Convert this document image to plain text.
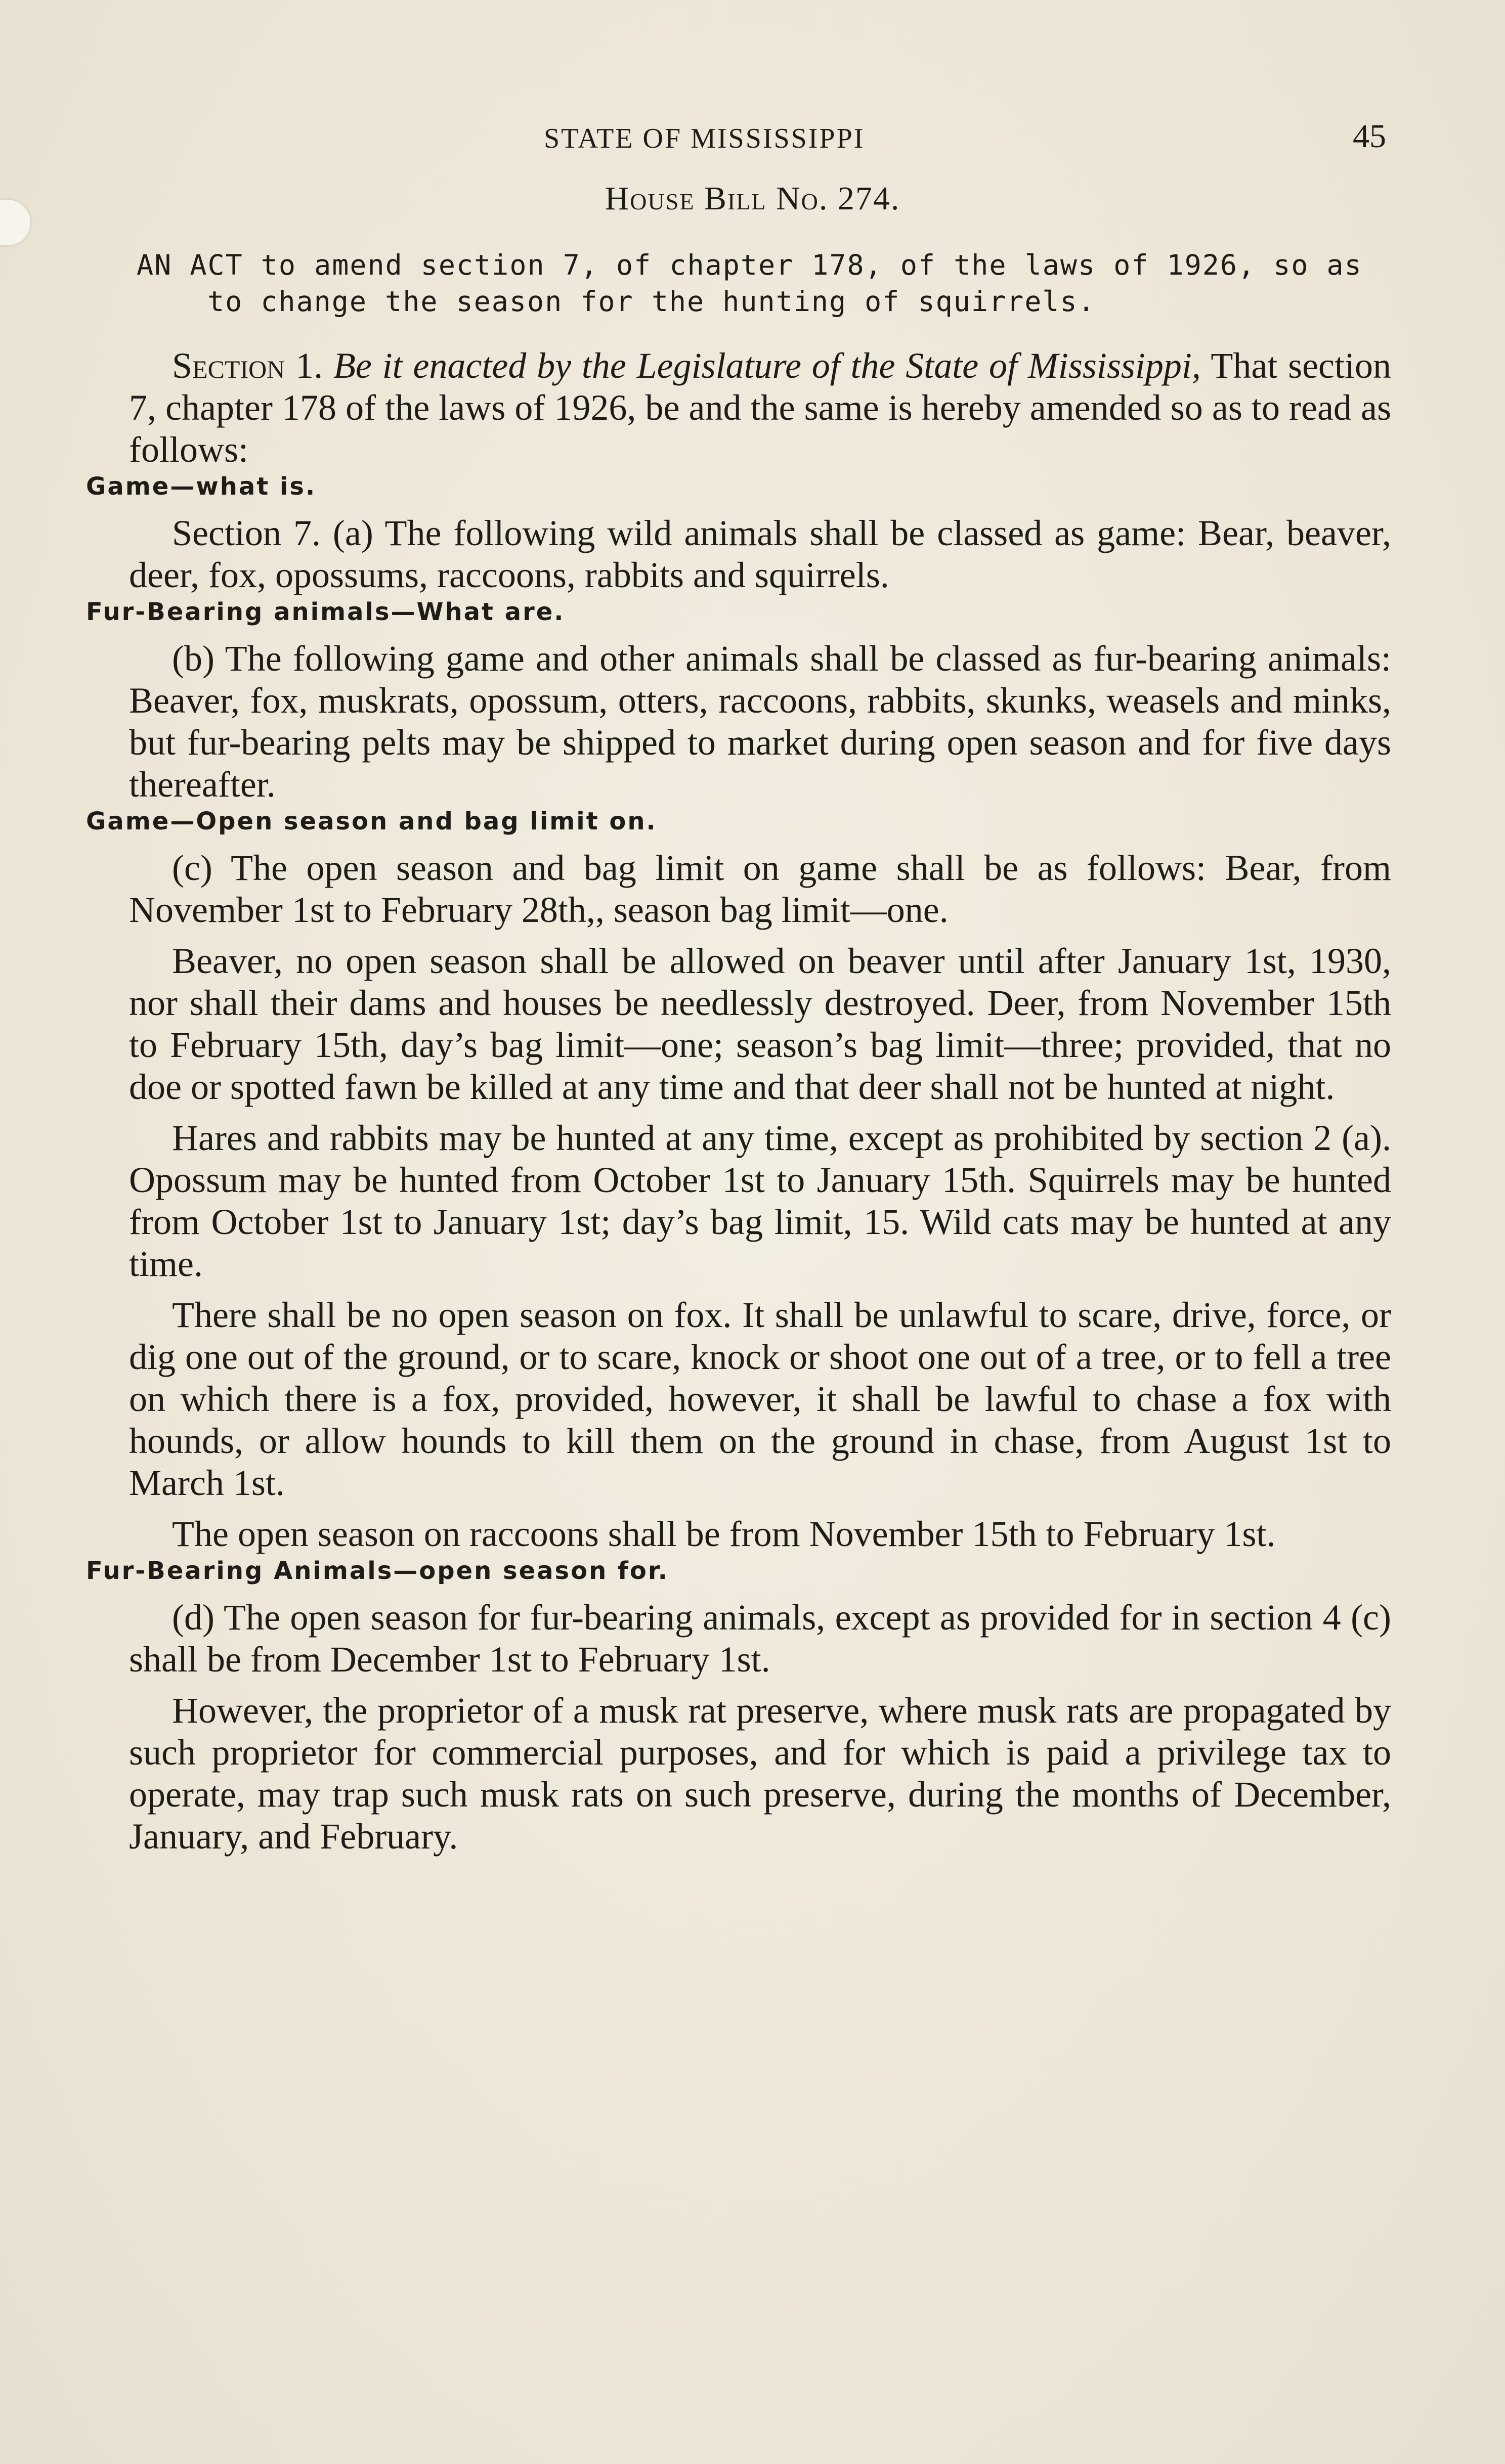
STATE OF MISSISSIPPI	45
House Bill No. 274.
AN ACT to amend section 7, of chapter 178, of the laws of 1926, so as
to change the season for the hunting of squirrels.

Section 1. Be it enacted by the Legislature of the State of Mississippi, That section 7, chapter 178 of the laws of 1926, be and the same is hereby amended so as to read as follows:

Game—what is.

Section 7. (a) The following wild animals shall be classed as game: Bear, beaver, deer, fox, opossums, raccoons, rabbits and squirrels.

Fur-Bearing animals—What are.

(b) The following game and other animals shall be classed as fur-bearing animals: Beaver, fox, muskrats, opossum, otters, raccoons, rabbits, skunks, weasels and minks, but fur-bearing pelts may be shipped to market during open season and for five days thereafter.

Game—Open season and bag limit on.

(c) The open season and bag limit on game shall be as follows: Bear, from November 1st to February 28th,, season bag limit—one.

Beaver, no open season shall be allowed on beaver until after January 1st, 1930, nor shall their dams and houses be needlessly destroyed. Deer, from November 15th to February 15th, day’s bag limit—one; season’s bag limit—three; provided, that no doe or spotted fawn be killed at any time and that deer shall not be hunted at night.

Hares and rabbits may be hunted at any time, except as prohibited by section 2 (a). Opossum may be hunted from October 1st to January 15th. Squirrels may be hunted from October 1st to January 1st; day’s bag limit, 15. Wild cats may be hunted at any time.

There shall be no open season on fox. It shall be unlawful to scare, drive, force, or dig one out of the ground, or to scare, knock or shoot one out of a tree, or to fell a tree on which there is a fox, provided, however, it shall be lawful to chase a fox with hounds, or allow hounds to kill them on the ground in chase, from August 1st to March 1st.

The open season on raccoons shall be from November 15th to February 1st.

Fur-Bearing Animals—open season for.

(d) The open season for fur-bearing animals, except as provided for in section 4 (c) shall be from December 1st to February 1st.

However, the proprietor of a musk rat preserve, where musk rats are propagated by such proprietor for commercial purposes, and for which is paid a privilege tax to operate, may trap such musk rats on such preserve, during the months of December, January, and February.
